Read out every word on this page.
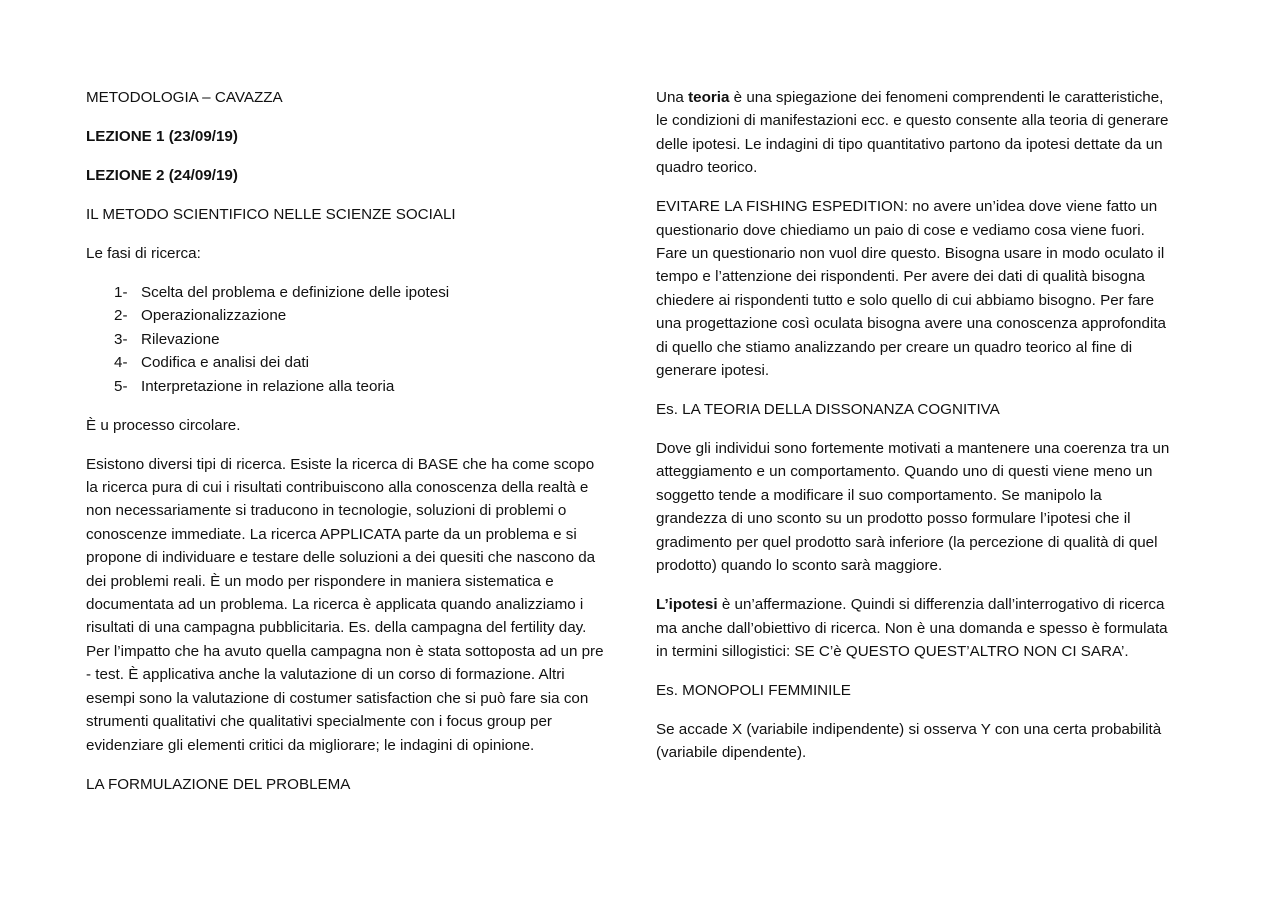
METODOLOGIA – CAVAZZA

LEZIONE 1 (23/09/19)

LEZIONE 2 (24/09/19)

IL METODO SCIENTIFICO NELLE SCIENZE SOCIALI

Le fasi di ricerca:

1- Scelta del problema e definizione delle ipotesi
2- Operazionalizzazione
3- Rilevazione
4- Codifica e analisi dei dati
5- Interpretazione in relazione alla teoria

È u processo circolare.

Esistono diversi tipi di ricerca. Esiste la ricerca di BASE che ha come scopo la ricerca pura di cui i risultati contribuiscono alla conoscenza della realtà e non necessariamente si traducono in tecnologie, soluzioni di problemi o conoscenze immediate. La ricerca APPLICATA parte da un problema e si propone di individuare e testare delle soluzioni a dei quesiti che nascono da dei problemi reali. È un modo per rispondere in maniera sistematica e documentata ad un problema. La ricerca è applicata quando analizziamo i risultati di una campagna pubblicitaria. Es. della campagna del fertility day. Per l’impatto che ha avuto quella campagna non è stata sottoposta ad un pre - test. È applicativa anche la valutazione di un corso di formazione. Altri esempi sono la valutazione di costumer satisfaction che si può fare sia con strumenti qualitativi che qualitativi specialmente con i focus group per evidenziare gli elementi critici da migliorare; le indagini di opinione.

LA FORMULAZIONE DEL PROBLEMA

Una teoria è una spiegazione dei fenomeni comprendenti le caratteristiche, le condizioni di manifestazioni ecc. e questo consente alla teoria di generare delle ipotesi. Le indagini di tipo quantitativo partono da ipotesi dettate da un quadro teorico.

EVITARE LA FISHING ESPEDITION: no avere un’idea dove viene fatto un questionario dove chiediamo un paio di cose e vediamo cosa viene fuori. Fare un questionario non vuol dire questo. Bisogna usare in modo oculato il tempo e l’attenzione dei rispondenti. Per avere dei dati di qualità bisogna chiedere ai rispondenti tutto e solo quello di cui abbiamo bisogno. Per fare una progettazione così oculata bisogna avere una conoscenza approfondita di quello che stiamo analizzando per creare un quadro teorico al fine di generare ipotesi.

Es. LA TEORIA DELLA DISSONANZA COGNITIVA

Dove gli individui sono fortemente motivati a mantenere una coerenza tra un atteggiamento e un comportamento. Quando uno di questi viene meno un soggetto tende a modificare il suo comportamento. Se manipolo la grandezza di uno sconto su un prodotto posso formulare l’ipotesi che il gradimento per quel prodotto sarà inferiore (la percezione di qualità di quel prodotto) quando lo sconto sarà maggiore.

L’ipotesi è un’affermazione. Quindi si differenzia dall’interrogativo di ricerca ma anche dall’obiettivo di ricerca. Non è una domanda e spesso è formulata in termini sillogistici: SE C’è QUESTO QUEST’ALTRO NON CI SARA’.

Es. MONOPOLI FEMMINILE

Se accade X (variabile indipendente) si osserva Y con una certa probabilità (variabile dipendente).
